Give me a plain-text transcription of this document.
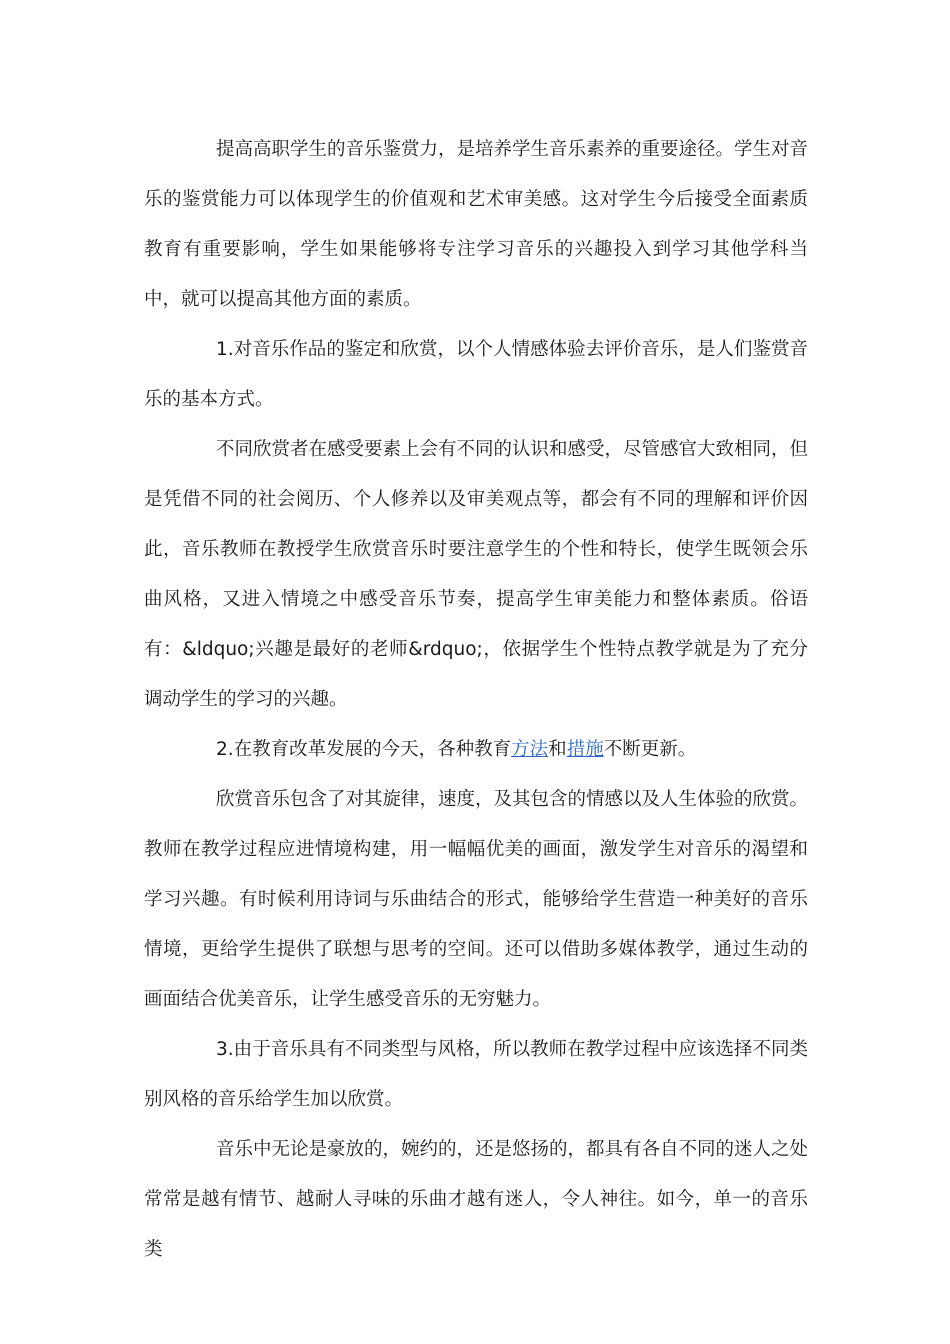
提高高职学生的音乐鉴赏力，是培养学生音乐素养的重要途径。学生对音乐的鉴赏能力可以体现学生的价值观和艺术审美感。这对学生今后接受全面素质教育有重要影响，学生如果能够将专注学习音乐的兴趣投入到学习其他学科当中，就可以提高其他方面的素质。

1.对音乐作品的鉴定和欣赏，以个人情感体验去评价音乐，是人们鉴赏音乐的基本方式。

不同欣赏者在感受要素上会有不同的认识和感受，尽管感官大致相同，但是凭借不同的社会阅历、个人修养以及审美观点等，都会有不同的理解和评价因此，音乐教师在教授学生欣赏音乐时要注意学生的个性和特长，使学生既领会乐曲风格，又进入情境之中感受音乐节奏，提高学生审美能力和整体素质。俗语有：&ldquo;兴趣是最好的老师&rdquo;，依据学生个性特点教学就是为了充分调动学生的学习的兴趣。

2.在教育改革发展的今天，各种教育方法和措施不断更新。

欣赏音乐包含了对其旋律，速度，及其包含的情感以及人生体验的欣赏。教师在教学过程应进情境构建，用一幅幅优美的画面，激发学生对音乐的渴望和学习兴趣。有时候利用诗词与乐曲结合的形式，能够给学生营造一种美好的音乐情境，更给学生提供了联想与思考的空间。还可以借助多媒体教学，通过生动的画面结合优美音乐，让学生感受音乐的无穷魅力。

3.由于音乐具有不同类型与风格，所以教师在教学过程中应该选择不同类别风格的音乐给学生加以欣赏。

音乐中无论是豪放的，婉约的，还是悠扬的，都具有各自不同的迷人之处常常是越有情节、越耐人寻味的乐曲才越有迷人，令人神往。如今，单一的音乐类
